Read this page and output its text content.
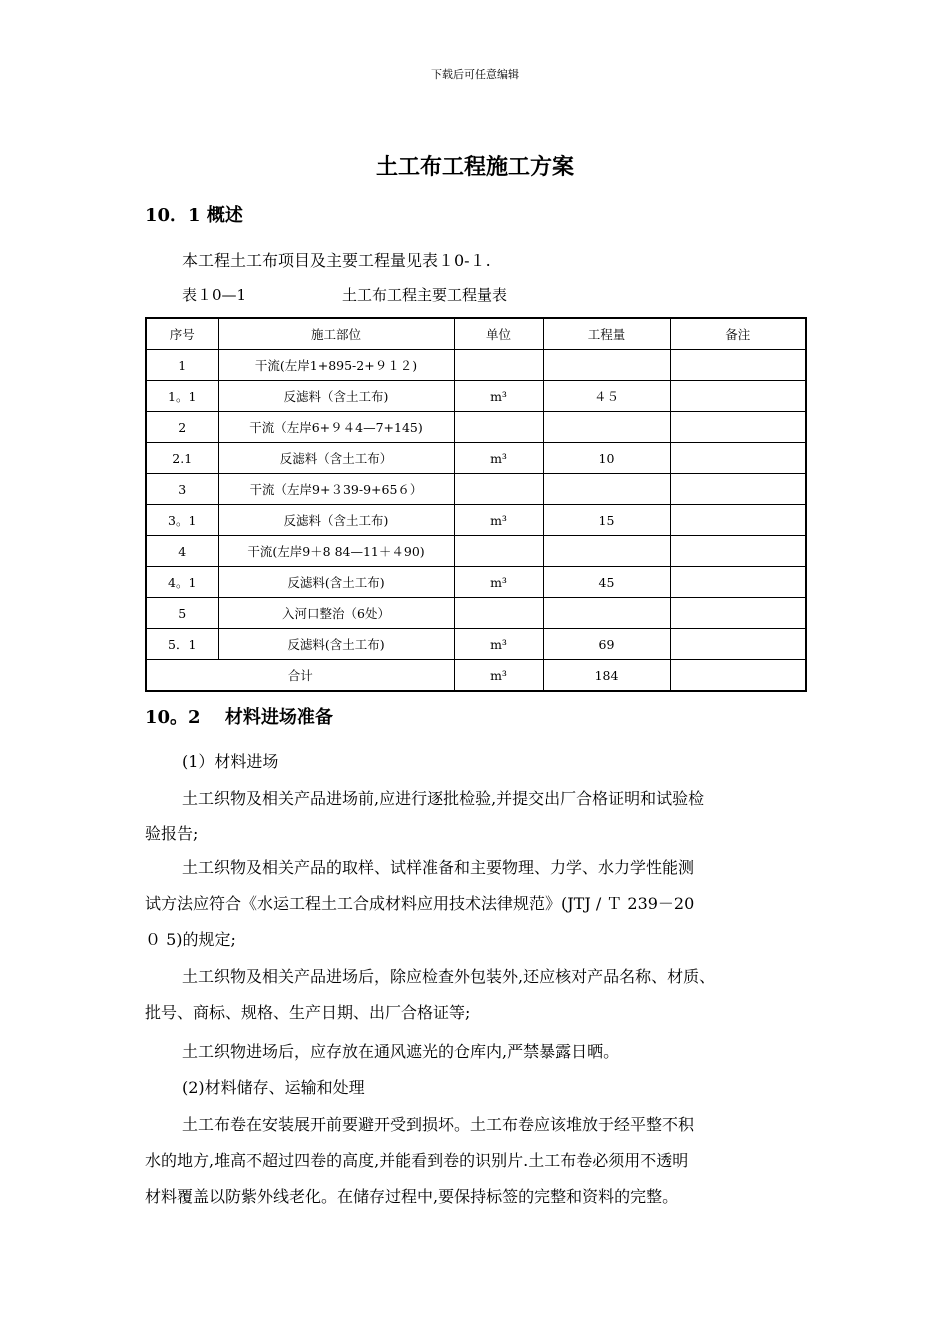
下载后可任意编辑
土工布工程施工方案
10．1 概述
本工程土工布项目及主要工程量见表１0-１.
表１0—1	土工布工程主要工程量表
序号	施工部位	单位	工程量	备注
1	干流(左岸1+895-2+９１２)			
1。1	反滤料（含土工布)	m³	４５	
2	干流（左岸6+９４4—7+145)			
2.1	反滤料（含土工布）	m³	10	
3	干流（左岸9+３39-9+65６）			
3。1	反滤料（含土工布)	m³	15	
4	干流(左岸9＋8 84—11＋４90)			
4。1	反滤料(含土工布)	m³	45	
5	入河口整治（6处）			
5．1	反滤料(含土工布)	m³	69	
合计		m³	184	
10。2　 材料进场准备
(1）材料进场
土工织物及相关产品进场前,应进行逐批检验,并提交出厂合格证明和试验检
验报告;
土工织物及相关产品的取样、试样准备和主要物理、力学、水力学性能测
试方法应符合《水运工程土工合成材料应用技术法律规范》(JTJ / Ｔ 239－20
０ 5)的规定;
土工织物及相关产品进场后，除应检查外包装外,还应核对产品名称、材质、
批号、商标、规格、生产日期、出厂合格证等;
土工织物进场后，应存放在通风遮光的仓库内,严禁暴露日晒。
(2)材料储存、运输和处理
土工布卷在安装展开前要避开受到损坏。土工布卷应该堆放于经平整不积
水的地方,堆高不超过四卷的高度,并能看到卷的识别片.土工布卷必须用不透明
材料覆盖以防紫外线老化。在储存过程中,要保持标签的完整和资料的完整。
